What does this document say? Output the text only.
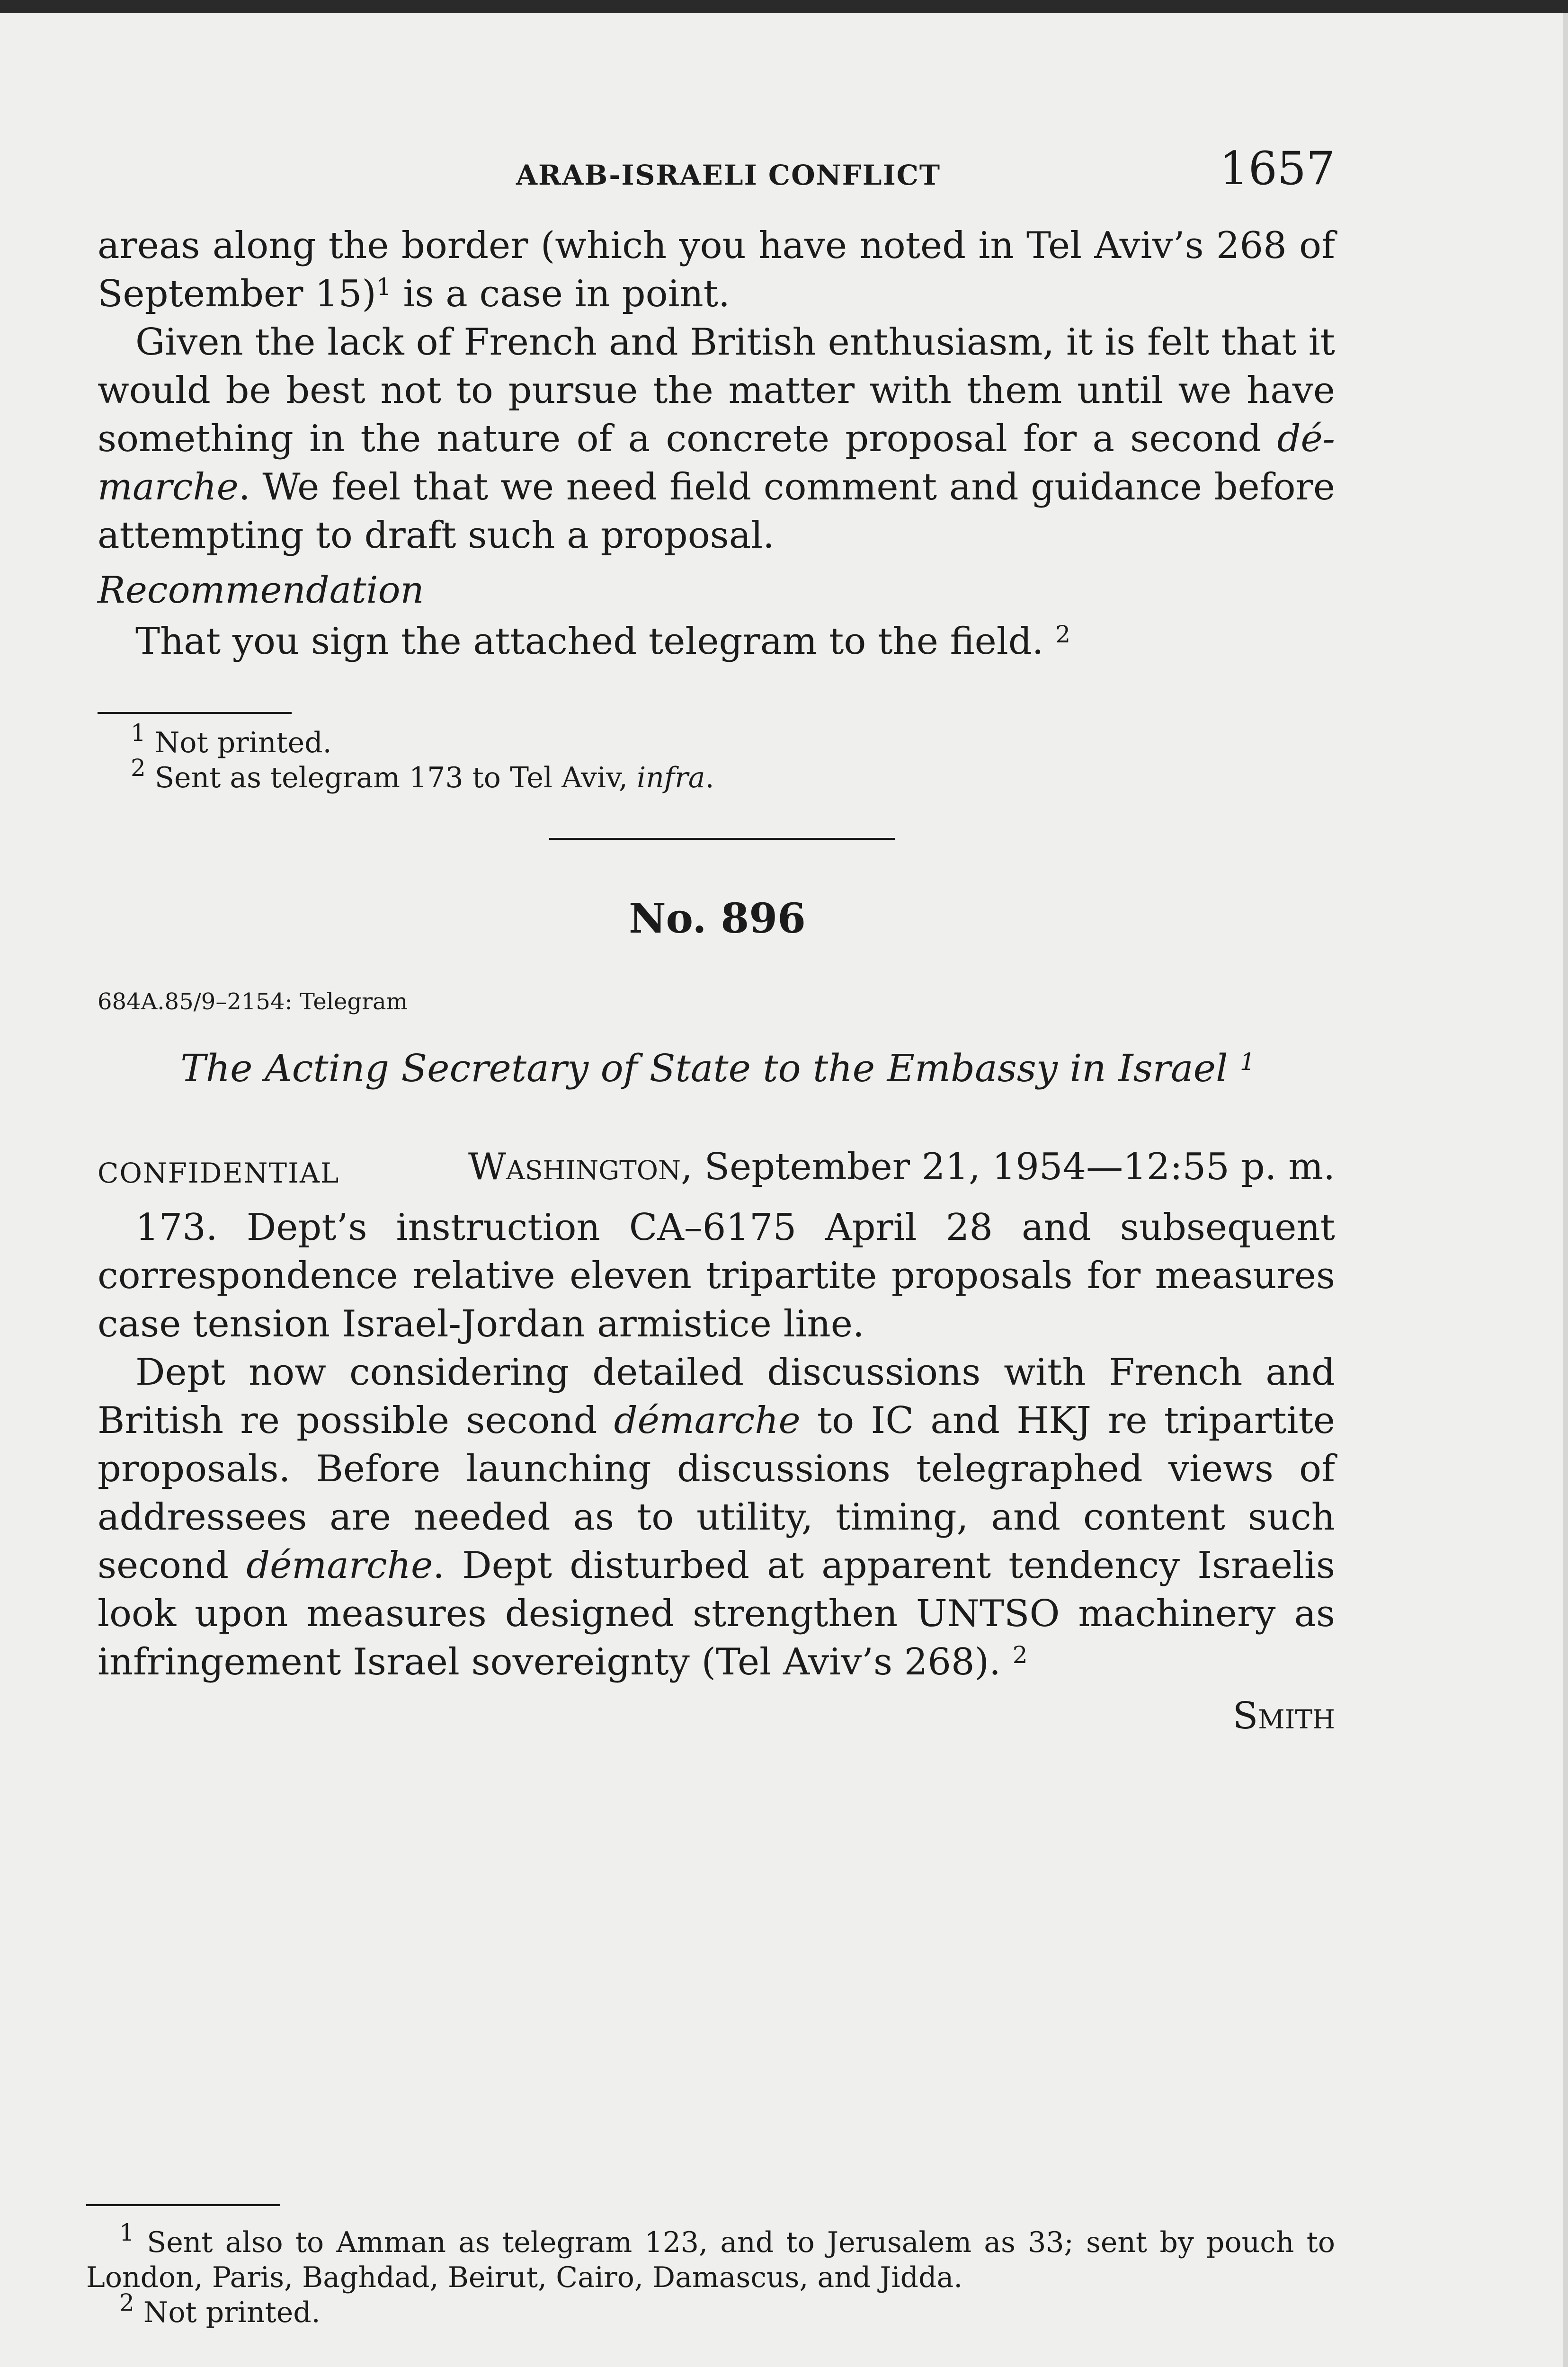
ARAB-ISRAELI CONFLICT	1657

areas along the border (which you have noted in Tel Aviv’s 268 of September 15)$^1$ is a case in point.

Given the lack of French and British enthusiasm, it is felt that it would be best not to pursue the matter with them until we have something in the nature of a concrete proposal for a second dé-marche. We feel that we need field comment and guidance before attempting to draft such a proposal.

Recommendation

That you sign the attached telegram to the field. $^2$

$^1$ Not printed.

$^2$ Sent as telegram 173 to Tel Aviv, infra.

No. 896
684A.85/9–2154: Telegram
The Acting Secretary of State to the Embassy in Israel $^1$
CONFIDENTIAL	Washington, September 21, 1954—12:55 p. m.

173. Dept’s instruction CA–6175 April 28 and subsequent correspondence relative eleven tripartite proposals for measures case tension Israel-Jordan armistice line.

Dept now considering detailed discussions with French and British re possible second démarche to IC and HKJ re tripartite proposals. Before launching discussions telegraphed views of addressees are needed as to utility, timing, and content such second démarche. Dept disturbed at apparent tendency Israelis look upon measures designed strengthen UNTSO machinery as infringement Israel sovereignty (Tel Aviv’s 268). $^2$

Smith

$^1$ Sent also to Amman as telegram 123, and to Jerusalem as 33; sent by pouch to London, Paris, Baghdad, Beirut, Cairo, Damascus, and Jidda.

$^2$ Not printed.
